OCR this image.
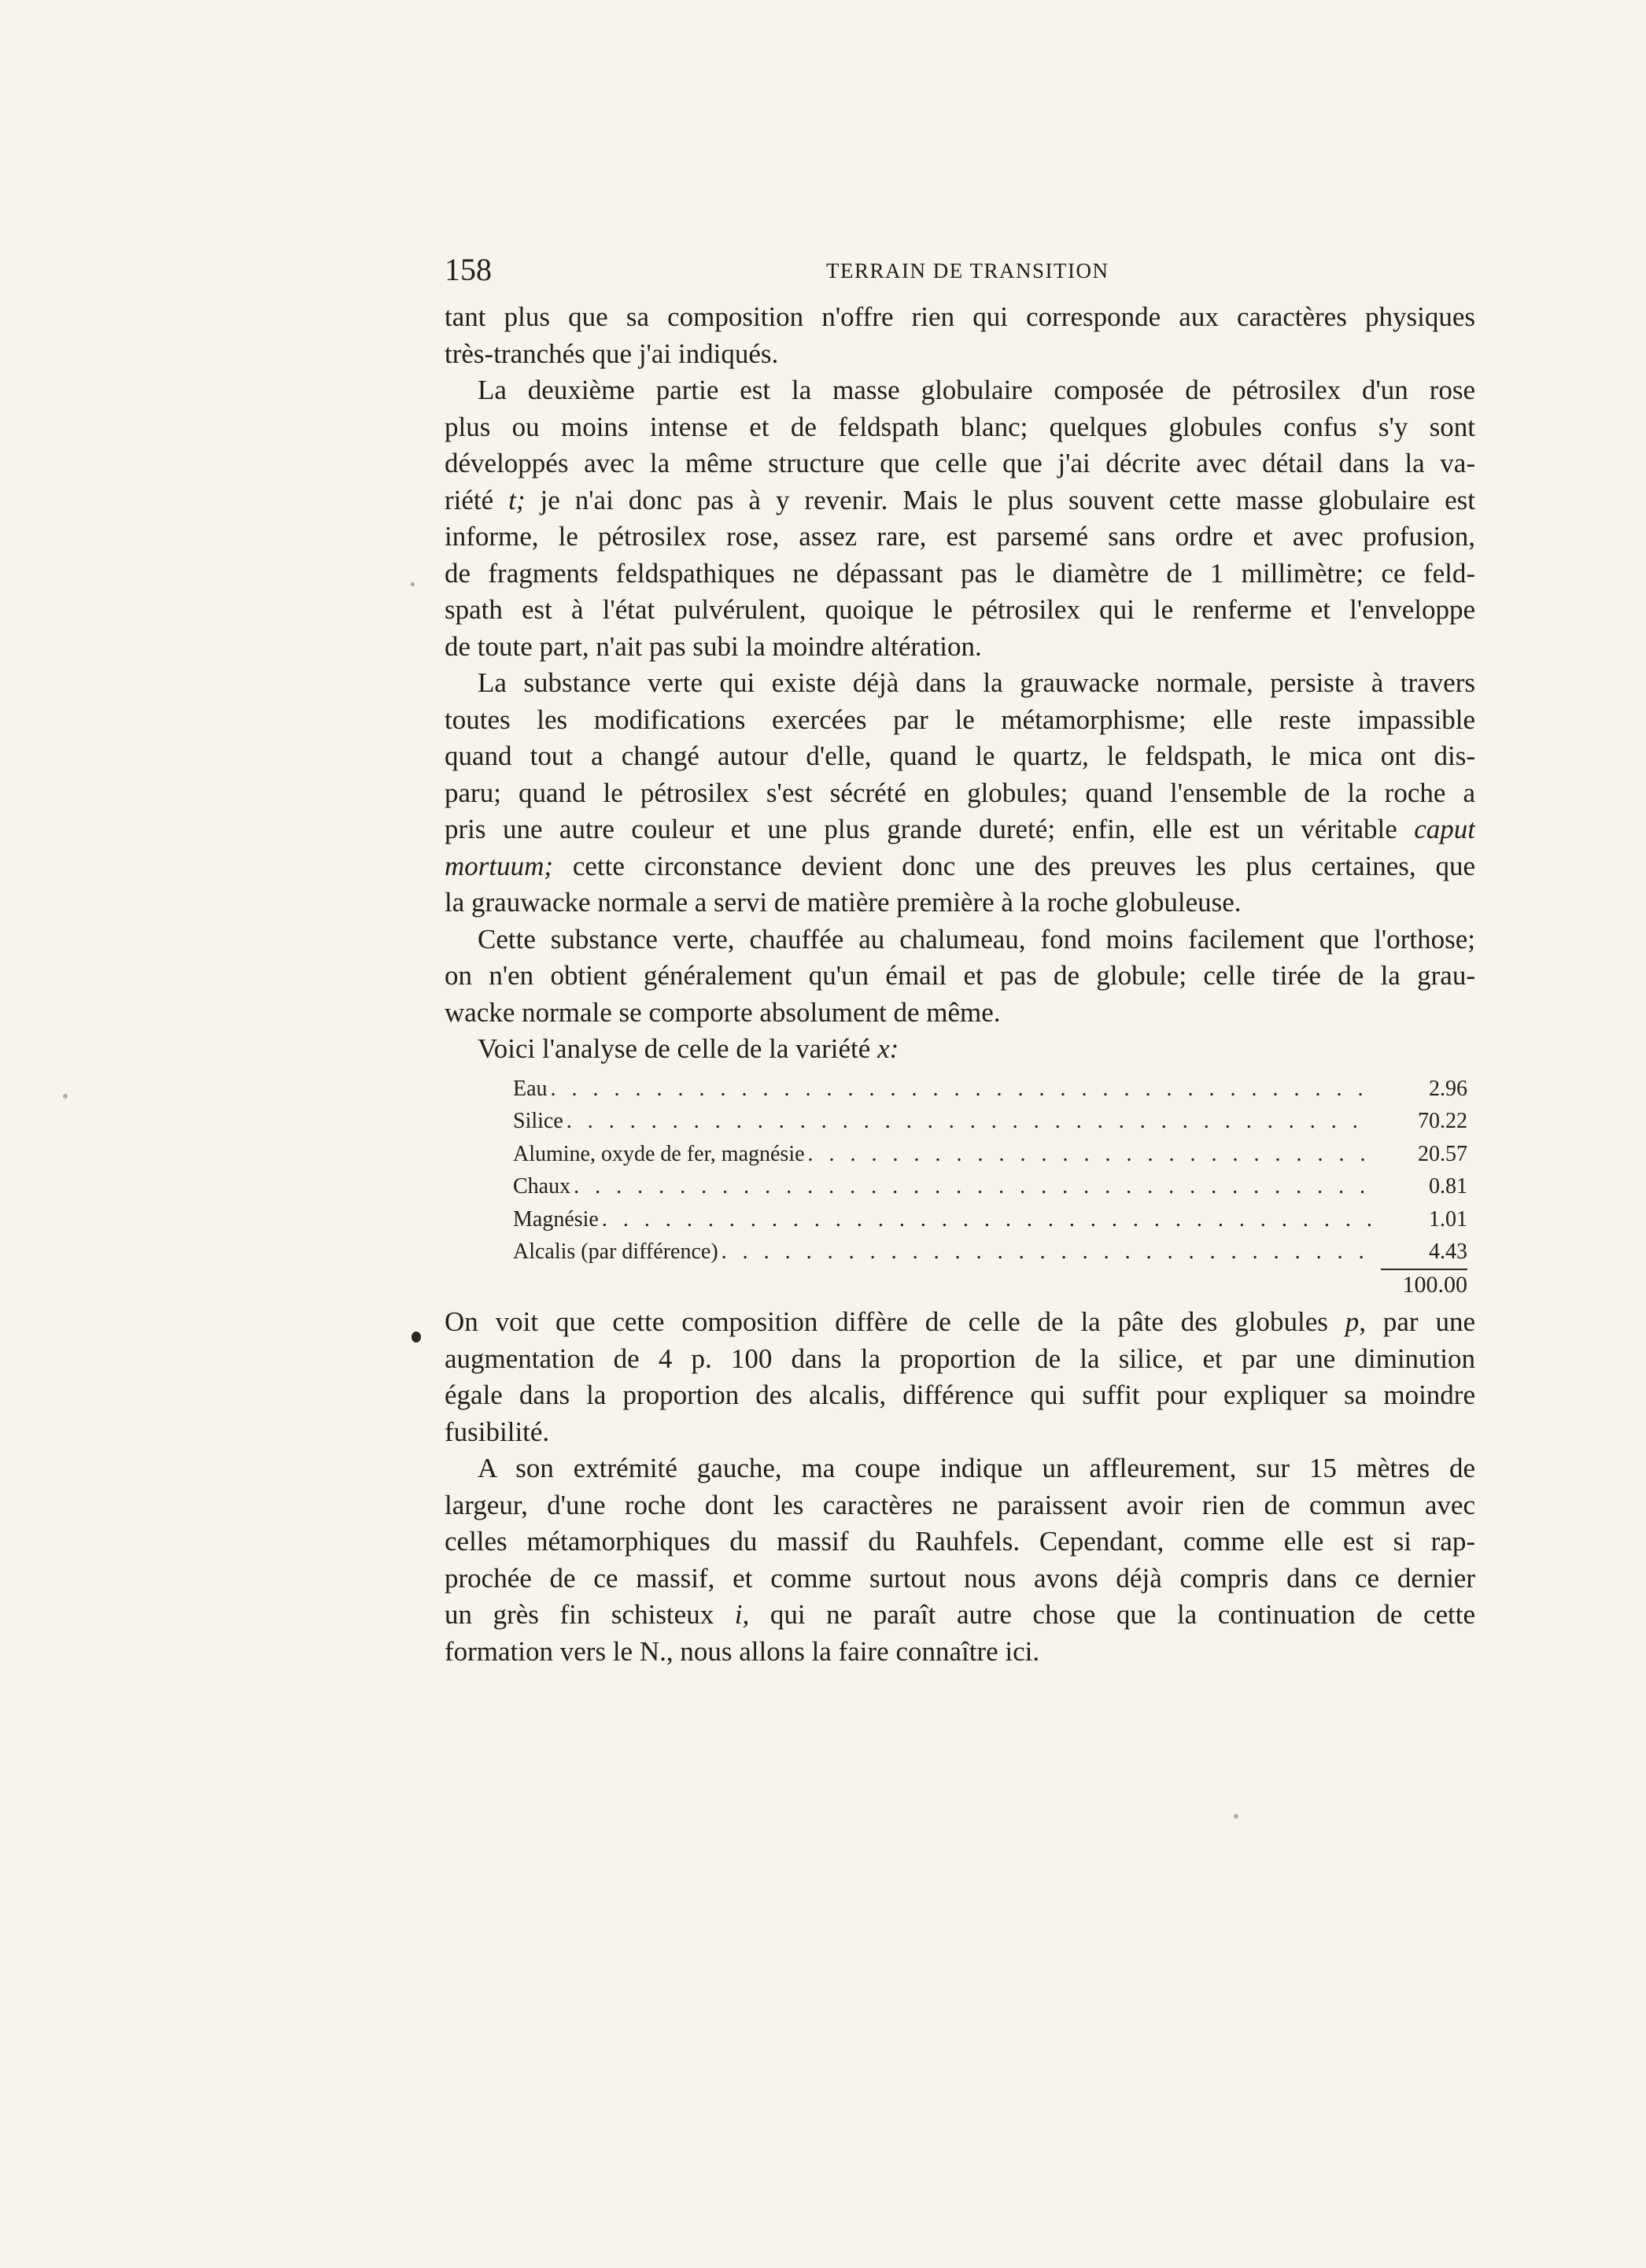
158	TERRAIN DE TRANSITION
tant plus que sa composition n'offre rien qui corresponde aux caractères physiques
très-tranchés que j'ai indiqués.
La deuxième partie est la masse globulaire composée de pétrosilex d'un rose
plus ou moins intense et de feldspath blanc; quelques globules confus s'y sont
développés avec la même structure que celle que j'ai décrite avec détail dans la va-
riété t; je n'ai donc pas à y revenir. Mais le plus souvent cette masse globulaire est
informe, le pétrosilex rose, assez rare, est parsemé sans ordre et avec profusion,
de fragments feldspathiques ne dépassant pas le diamètre de 1 millimètre; ce feld-
spath est à l'état pulvérulent, quoique le pétrosilex qui le renferme et l'enveloppe
de toute part, n'ait pas subi la moindre altération.
La substance verte qui existe déjà dans la grauwacke normale, persiste à travers
toutes les modifications exercées par le métamorphisme; elle reste impassible
quand tout a changé autour d'elle, quand le quartz, le feldspath, le mica ont dis-
paru; quand le pétrosilex s'est sécrété en globules; quand l'ensemble de la roche a
pris une autre couleur et une plus grande dureté; enfin, elle est un véritable caput
mortuum; cette circonstance devient donc une des preuves les plus certaines, que
la grauwacke normale a servi de matière première à la roche globuleuse.
Cette substance verte, chauffée au chalumeau, fond moins facilement que l'orthose;
on n'en obtient généralement qu'un émail et pas de globule; celle tirée de la grau-
wacke normale se comporte absolument de même.
Voici l'analyse de celle de la variété x:
Eau . . .	2.96
Silice . . .	70.22
Alumine, oxyde de fer, magnésie . . .	20.57
Chaux . . .	0.81
Magnésie . . .	1.01
Alcalis (par différence) . . .	4.43
100.00
On voit que cette composition diffère de celle de la pâte des globules p, par une
augmentation de 4 p. 100 dans la proportion de la silice, et par une diminution
égale dans la proportion des alcalis, différence qui suffit pour expliquer sa moindre
fusibilité.
A son extrémité gauche, ma coupe indique un affleurement, sur 15 mètres de
largeur, d'une roche dont les caractères ne paraissent avoir rien de commun avec
celles métamorphiques du massif du Rauhfels. Cependant, comme elle est si rap-
prochée de ce massif, et comme surtout nous avons déjà compris dans ce dernier
un grès fin schisteux i, qui ne paraît autre chose que la continuation de cette
formation vers le N., nous allons la faire connaître ici.
